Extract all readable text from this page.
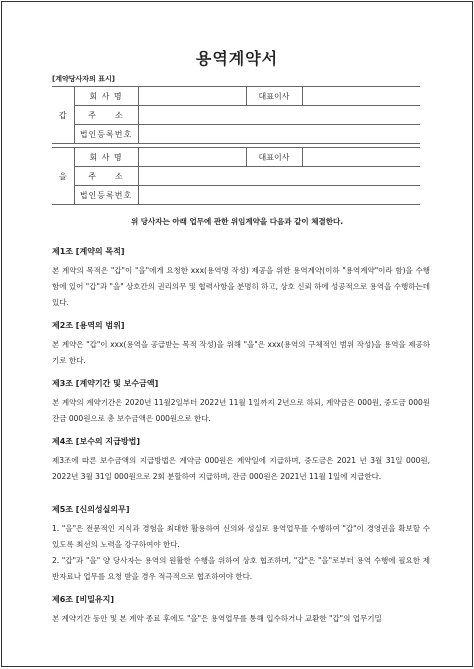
용역계약서
[계약당사자의 표시]
갑	회 사 명		대표이사	
	주　　소			
	법인등록번호			
을	회 사 명		대표이사	
	주　　소			
	법인등록번호			
위 당사자는 아래 업무에 관한 위임계약을 다음과 같이 체결한다.
제1조 [계약의 목적]

본 계약의 목적은 "갑"이 "을"에게 요청한 xxx(용역명 작성) 제공을 위한 용역계약(이하 "용역계약"이라 함)을 수행함에 있어 "갑"과 "을" 상호간의 권리의무 및 협력사항을 분명히 하고, 상호 신뢰 하에 성공적으로 용역을 수행하는데 있다.

제2조 [용역의 범위]

본 계약은 "갑"이 xxx(용역을 공급받는 목적 작성)을 위해 "을"은 xxx(용역의 구체적인 범위 작성)을 용역을 제공하기로 한다.

제3조 [계약기간 및 보수금액]

본 계약의 계약기간은 2020년 11월2일부터 2022년 11월 1일까지 2년으로 하되, 계약금은 000원, 중도금 000원 잔금 000원으로 총 보수금액은 000원으로 한다.

제4조 [보수의 지급방법]

제3조에 따른 보수금액의 지급방법은 계약금 000원은 계약일에 지급하며, 중도금은 2021 년 3월 31일 000원, 2022년 3월 31일 000원으로 2회 분할하여 지급하며, 잔금 000원은 2021년 11월 1일에 지급한다.

제5조 [신의성실의무]

1. "을"은 전문적인 지식과 경험을 최대한 활용하여 신의와 성실로 용역업무를 수행하여 "갑"이 경영권을 확보할 수 있도록 최선의 노력을 강구하여야 한다.

2. "갑"과 "을" 양 당사자는 용역의 원활한 수행을 위하여 상호 협조하며, "갑"은 "을"로부터 용역 수행에 필요한 제반자료나 업무를 요청 받을 경우 적극적으로 협조하여야 한다.

제6조 [비밀유지]

본 계약기간 동안 및 본 계약 종료 후에도 "을"은 용역업무를 통해 입수하거나 교환한 "갑"의 업무기밀
